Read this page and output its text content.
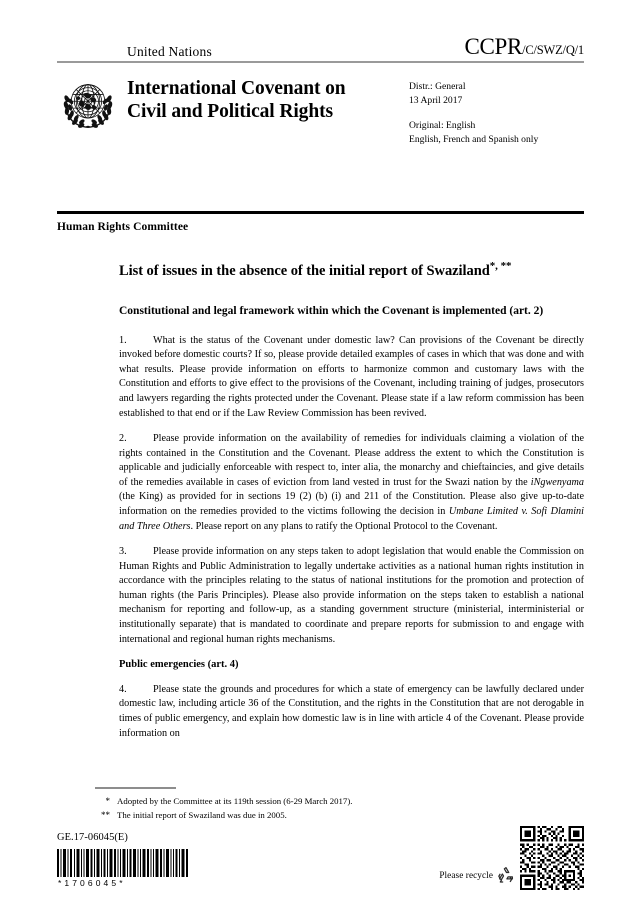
United Nations	CCPR/C/SWZ/Q/1
International Covenant on
Civil and Political Rights
Distr.: General
13 April 2017
Original: English
English, French and Spanish only
Human Rights Committee
List of issues in the absence of the initial report of Swaziland*, **
Constitutional and legal framework within which the Covenant is implemented (art. 2)

1.	What is the status of the Covenant under domestic law? Can provisions of the Covenant be directly invoked before domestic courts? If so, please provide detailed examples of cases in which that was done and with what results. Please provide information on efforts to harmonize common and customary laws with the Constitution and efforts to give effect to the provisions of the Covenant, including training of judges, prosecutors and lawyers regarding the rights protected under the Covenant. Please state if a law reform commission has been established to that end or if the Law Review Commission has been revived.

2.	Please provide information on the availability of remedies for individuals claiming a violation of the rights contained in the Constitution and the Covenant. Please address the extent to which the Constitution is applicable and judicially enforceable with respect to, inter alia, the monarchy and chieftaincies, and give details of the remedies available in cases of eviction from land vested in trust for the Swazi nation by the iNgwenyama (the King) as provided for in sections 19 (2) (b) (i) and 211 of the Constitution. Please also give up-to-date information on the remedies provided to the victims following the decision in Umbane Limited v. Sofi Dlamini and Three Others. Please report on any plans to ratify the Optional Protocol to the Covenant.

3.	Please provide information on any steps taken to adopt legislation that would enable the Commission on Human Rights and Public Administration to legally undertake activities as a national human rights institution in accordance with the principles relating to the status of national institutions for the promotion and protection of human rights (the Paris Principles). Please also provide information on the steps taken to establish a national mechanism for reporting and follow-up, as a standing government structure (ministerial, interministerial or institutionally separate) that is mandated to coordinate and prepare reports for submission to and engage with international and regional human rights mechanisms.

Public emergencies (art. 4)

4.	Please state the grounds and procedures for which a state of emergency can be lawfully declared under domestic law, including article 36 of the Constitution, and the rights in the Constitution that are not derogable in times of public emergency, and explain how domestic law is in line with article 4 of the Covenant. Please provide information on

* Adopted by the Committee at its 119th session (6-29 March 2017).
** The initial report of Swaziland was due in 2005.
GE.17-06045(E)
*1706045*
Please recycle
